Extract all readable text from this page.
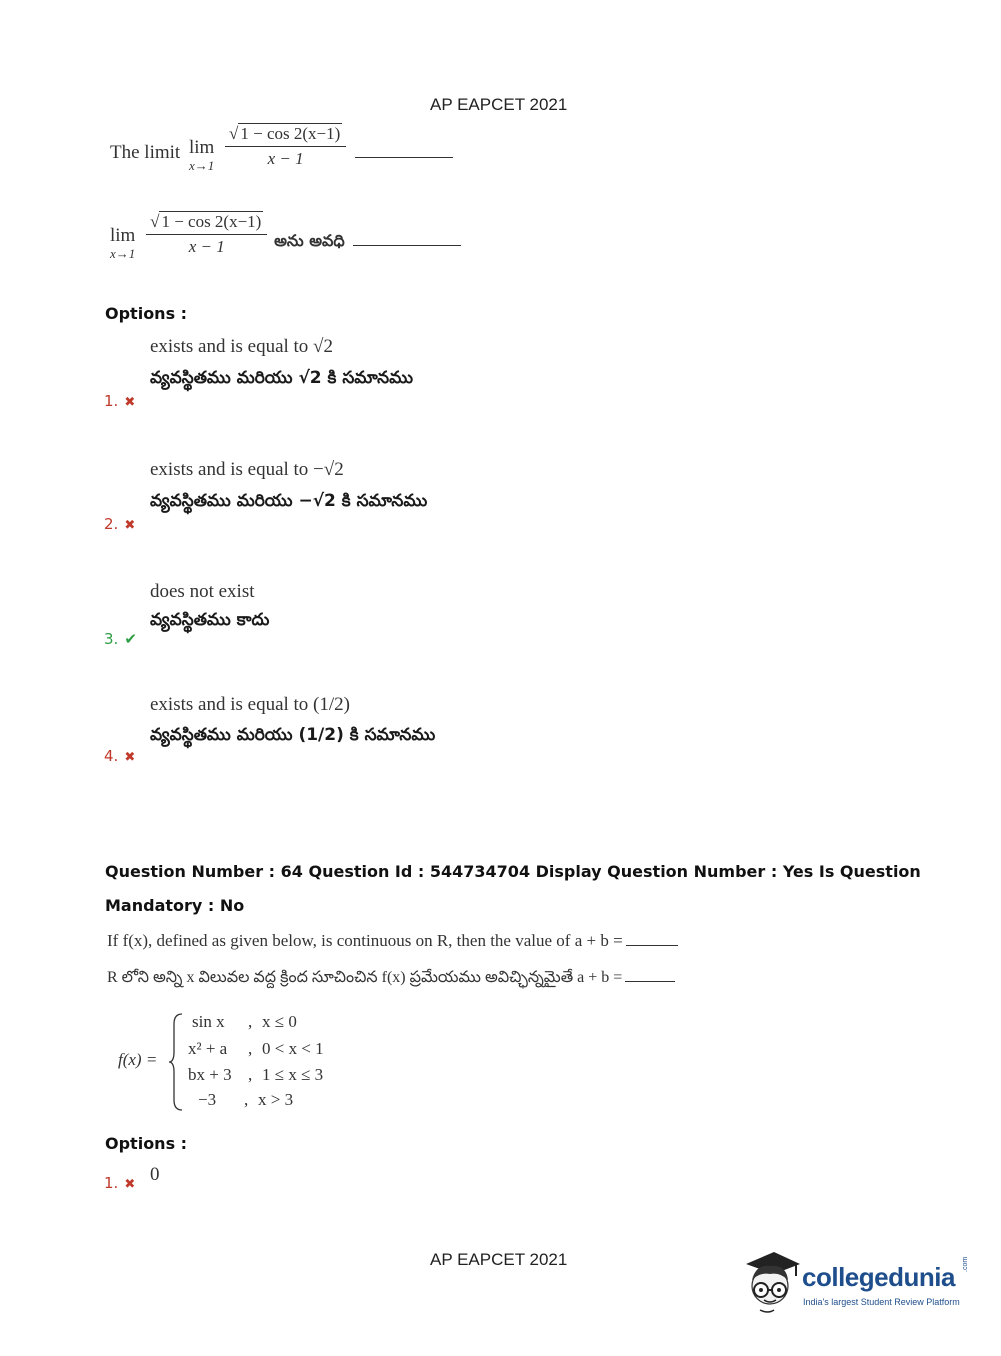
AP EAPCET 2021
The limit lim
x→1
$\frac{√ 1 - \cos 2(x-1)}{x - 1}$

lim
x→1
$\frac{√ 1 - \cos 2(x-1)}{x - 1}$ అను అవధి
Options :
exists and is equal to √2
వ్యవస్థితము మరియు √2 కి సమానము
1. ✖
exists and is equal to −√2
వ్యవస్థితము మరియు −√2 కి సమానము
2. ✖
does not exist
వ్యవస్థితము కాదు
3. ✔
exists and is equal to (1/2)
వ్యవస్థితము మరియు (1/2) కి సమానము
4. ✖
Question Number : 64 Question Id : 544734704 Display Question Number : Yes Is Question
Mandatory : No
If f(x), defined as given below, is continuous on R, then the value of a + b =
R లోని అన్ని x విలువల వద్ద క్రింద సూచించిన f(x) ప్రమేయము అవిచ్ఛిన్నమైతే a + b =
f(x) =
sin x , x ≤ 0
x² + a , 0 < x < 1
bx + 3 , 1 ≤ x ≤ 3
−3 , x > 3
Options :
1. ✖ 0
AP EAPCET 2021
collegedunia .com
India's largest Student Review Platform
